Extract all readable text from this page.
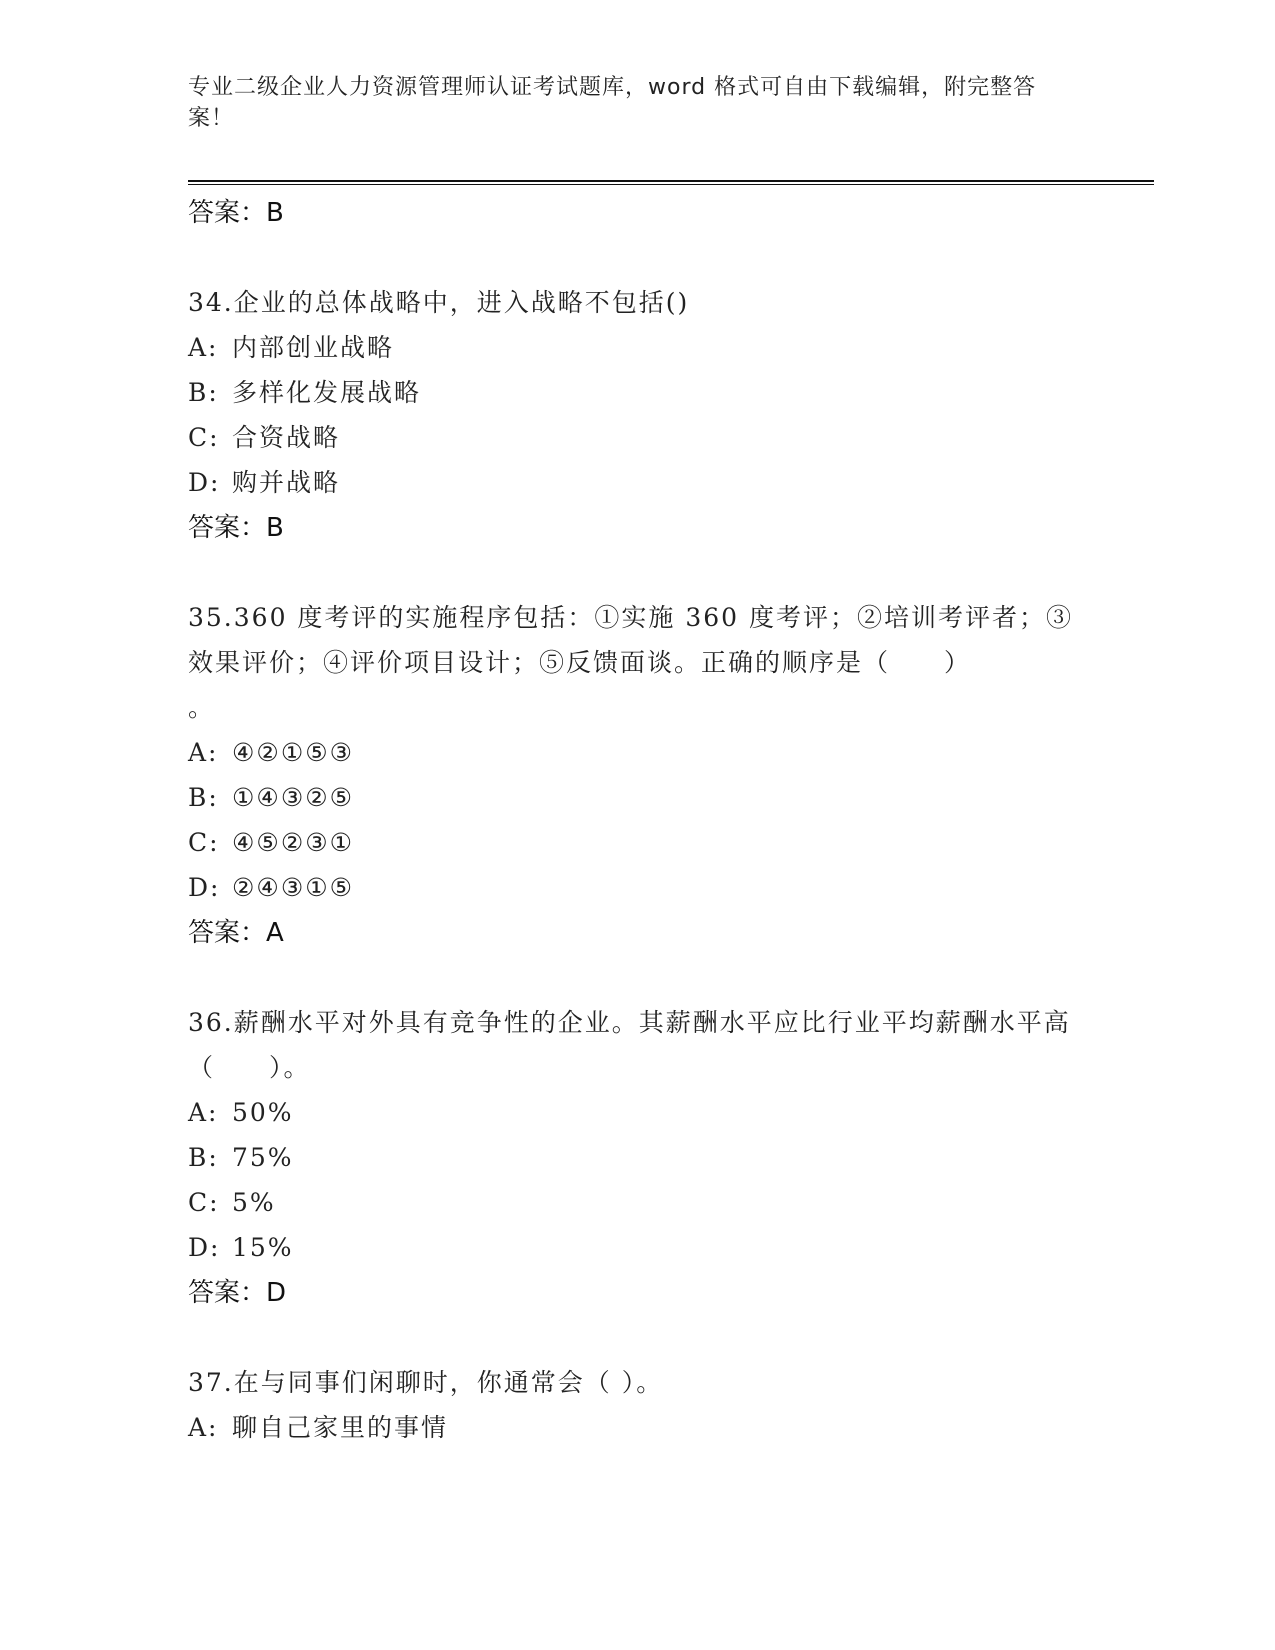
专业二级企业人力资源管理师认证考试题库，word 格式可自由下载编辑，附完整答案！
答案：B
34.企业的总体战略中，进入战略不包括()
A: 内部创业战略
B: 多样化发展战略
C: 合资战略
D: 购并战略
答案：B
35.360 度考评的实施程序包括：①实施 360 度考评；②培训考评者；③效果评价；④评价项目设计；⑤反馈面谈。正确的顺序是（　　）
。
A: ④②①⑤③
B: ①④③②⑤
C: ④⑤②③①
D: ②④③①⑤
答案：A
36.薪酬水平对外具有竞争性的企业。其薪酬水平应比行业平均薪酬水平高（　　）。
A: 50%
B: 75%
C: 5%
D: 15%
答案：D
37.在与同事们闲聊时，你通常会（ ）。
A: 聊自己家里的事情
